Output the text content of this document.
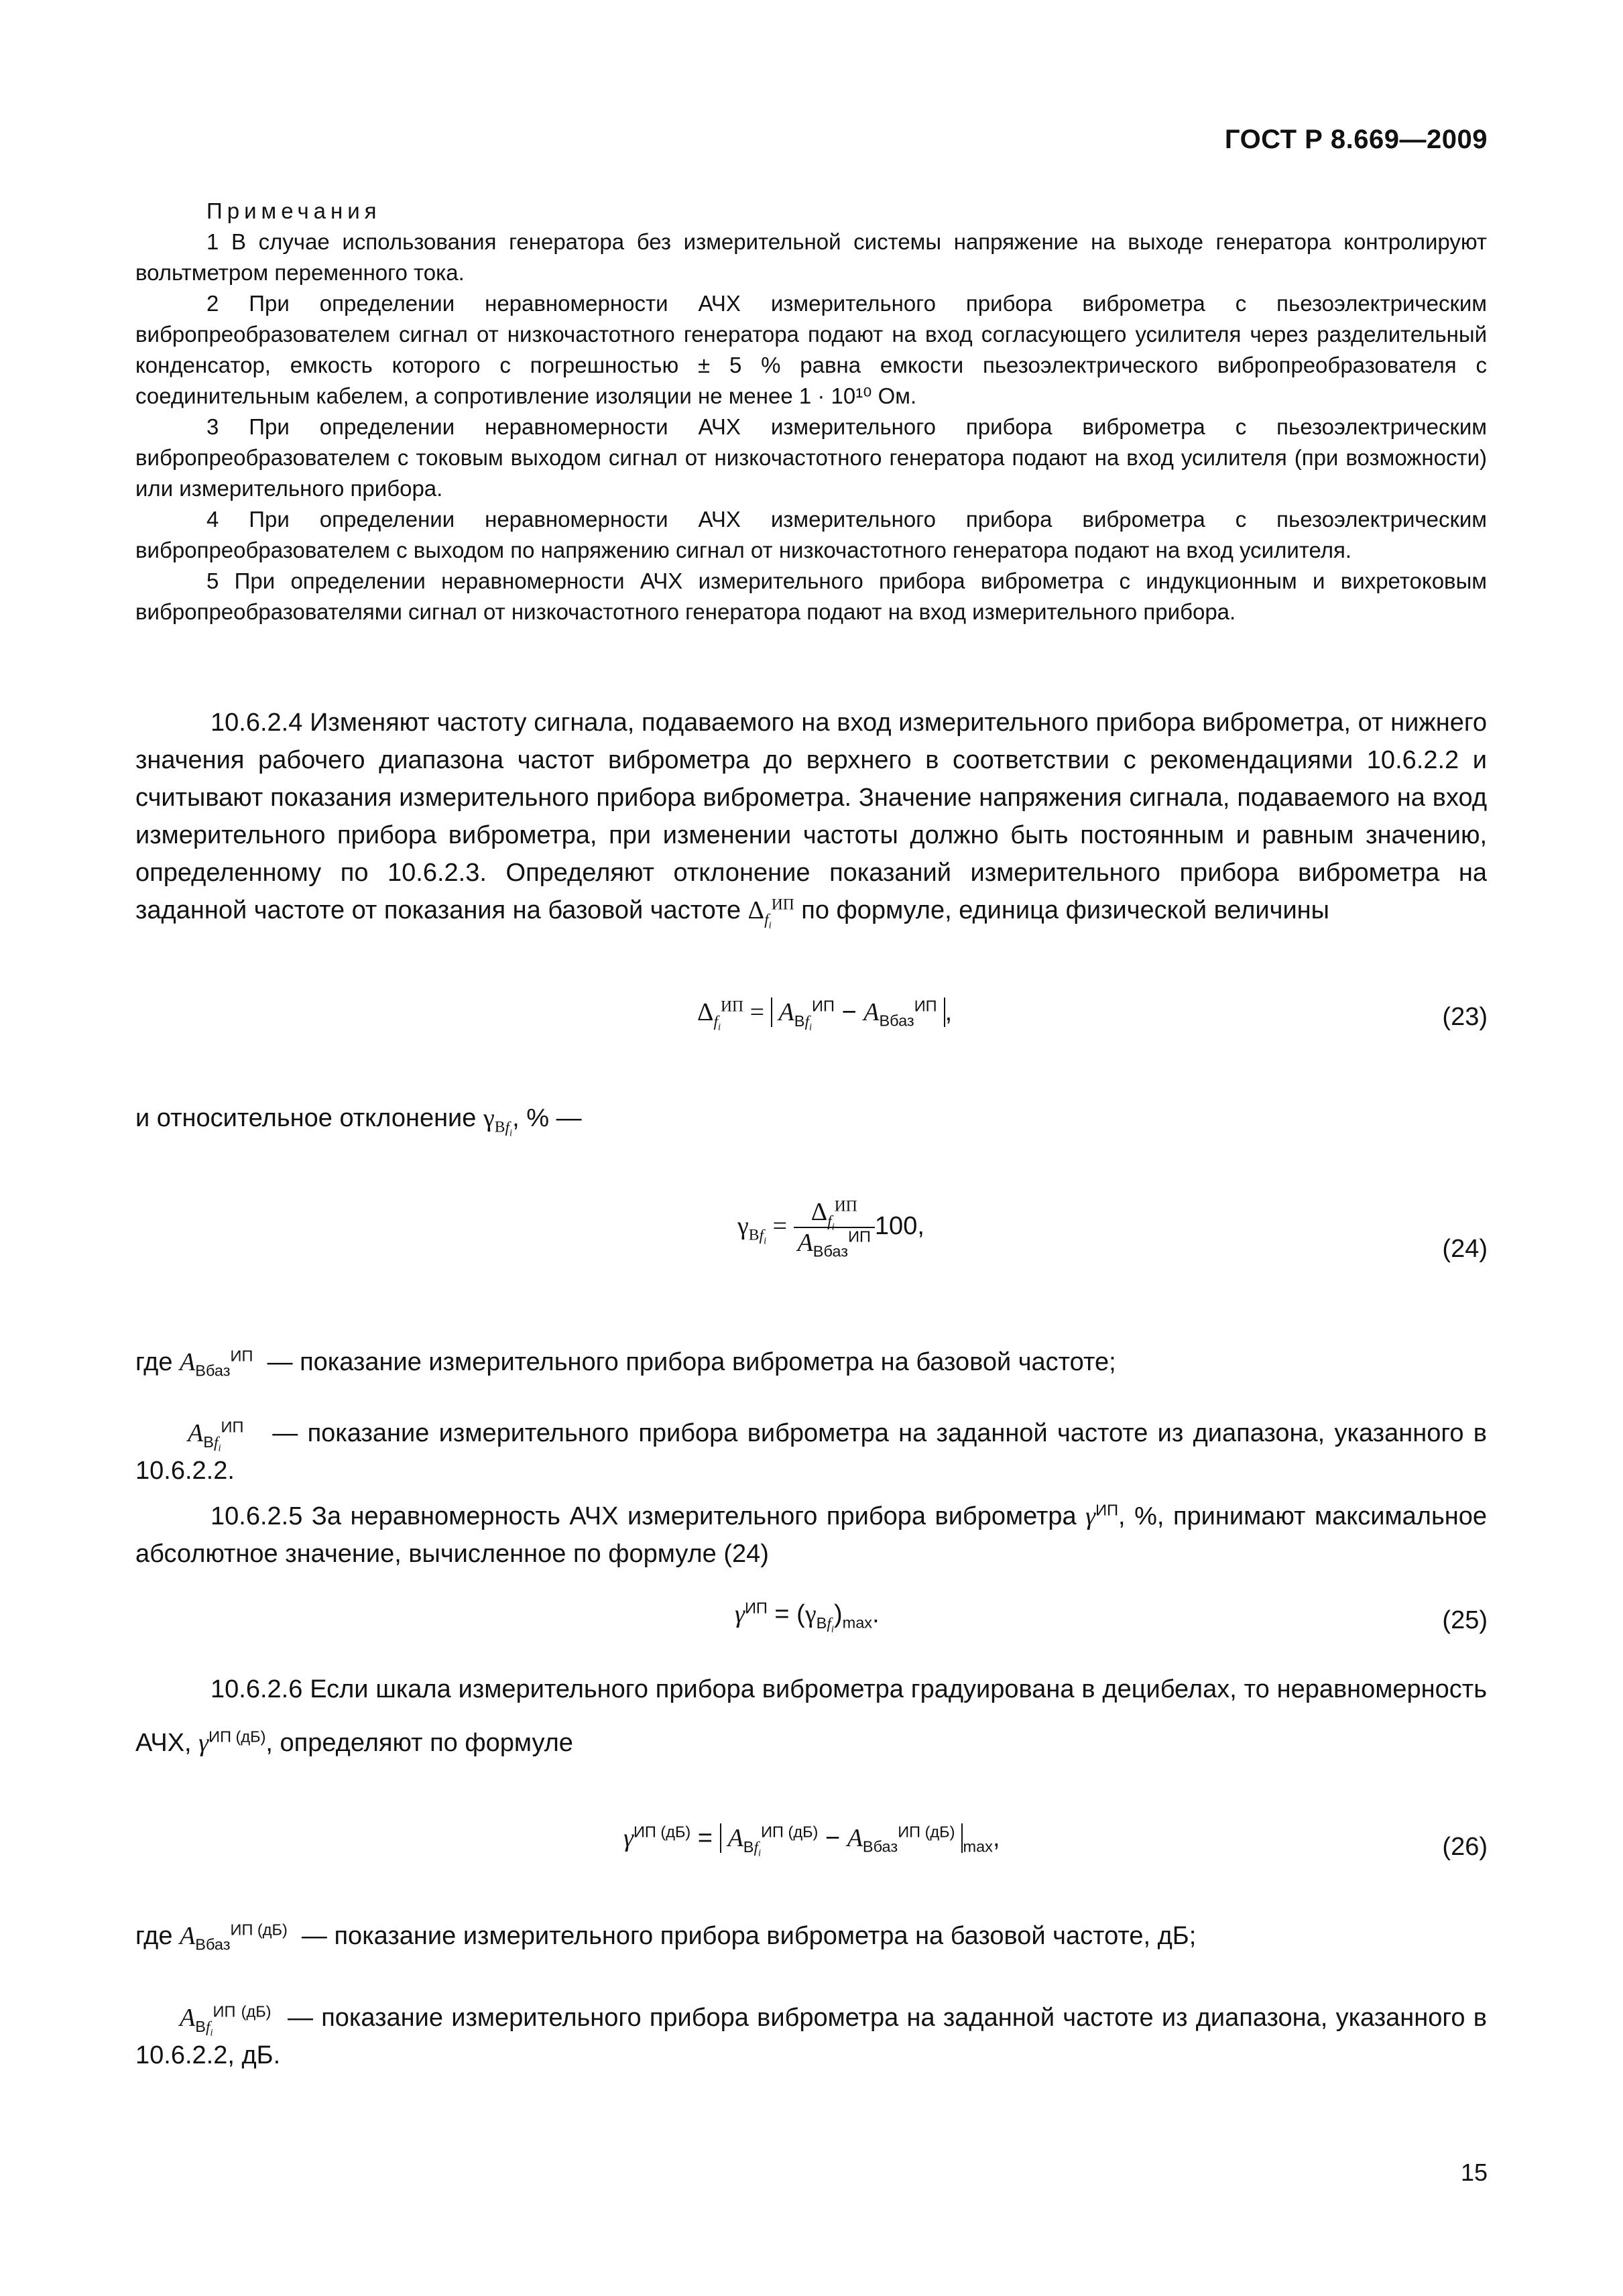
ГОСТ Р 8.669—2009
Примечания

1 В случае использования генератора без измерительной системы напряжение на выходе генератора контролируют вольтметром переменного тока.

2 При определении неравномерности АЧХ измерительного прибора виброметра с пьезоэлектрическим вибропреобразователем сигнал от низкочастотного генератора подают на вход согласующего усилителя через разделительный конденсатор, емкость которого с погрешностью ± 5 % равна емкости пьезоэлектрического вибропреобразователя с соединительным кабелем, а сопротивление изоляции не менее 1 · 10¹⁰ Ом.

3 При определении неравномерности АЧХ измерительного прибора виброметра с пьезоэлектрическим вибропреобразователем с токовым выходом сигнал от низкочастотного генератора подают на вход усилителя (при возможности) или измерительного прибора.

4 При определении неравномерности АЧХ измерительного прибора виброметра с пьезоэлектрическим вибропреобразователем с выходом по напряжению сигнал от низкочастотного генератора подают на вход усилителя.

5 При определении неравномерности АЧХ измерительного прибора виброметра с индукционным и вихретоковым вибропреобразователями сигнал от низкочастотного генератора подают на вход измерительного прибора.

10.6.2.4 Изменяют частоту сигнала, подаваемого на вход измерительного прибора виброметра, от нижнего значения рабочего диапазона частот виброметра до верхнего в соответствии с рекомендациями 10.6.2.2 и считывают показания измерительного прибора виброметра. Значение напряжения сигнала, подаваемого на вход измерительного прибора виброметра, при изменении частоты должно быть постоянным и равным значению, определенному по 10.6.2.3. Определяют отклонение показаний измерительного прибора виброметра на заданной частоте от показания на базовой частоте $\Delta_{f_i}^{ИП}$ по формуле, единица физической величины

$\Delta_{f_i}^{ИП} = A_{Вf_i}^{ИП} - A_{Вбаз}^{ИП}$ ,	(23)

и относительное отклонение $\gamma_{Вf_i}$, % —

$\gamma_{Вf_i} = \frac{\Delta_{f_i}^{ИП}}{A_{Вбаз}^{ИП}} 100$,
(24)
где $A_{Вбаз}^{ИП}$ — показание измерительного прибора виброметра на базовой частоте;

$A_{Вf_i}^{ИП}$ — показание измерительного прибора виброметра на заданной частоте из диапазона, указанного в 10.6.2.2.

10.6.2.5 За неравномерность АЧХ измерительного прибора виброметра $\gamma^{ИП}$, %, принимают максимальное абсолютное значение, вычисленное по формуле (24)

$\gamma^{ИП} = (\gamma_{Вf_i})_{max}$.	(25)

10.6.2.6 Если шкала измерительного прибора виброметра градуирована в децибелах, то неравномерность АЧХ, $\gamma^{ИП (дБ)}$, определяют по формуле

$\gamma^{ИП (дБ)} = A_{Вf_i}^{ИП (дБ)} - A_{Вбаз}^{ИП (дБ)}_{max}$,	(26)
где $A_{Вбаз}^{ИП (дБ)}$ — показание измерительного прибора виброметра на базовой частоте, дБ;

$A_{Вf_i}^{ИП (дБ)}$ — показание измерительного прибора виброметра на заданной частоте из диапазона, указанного в 10.6.2.2, дБ.

15
